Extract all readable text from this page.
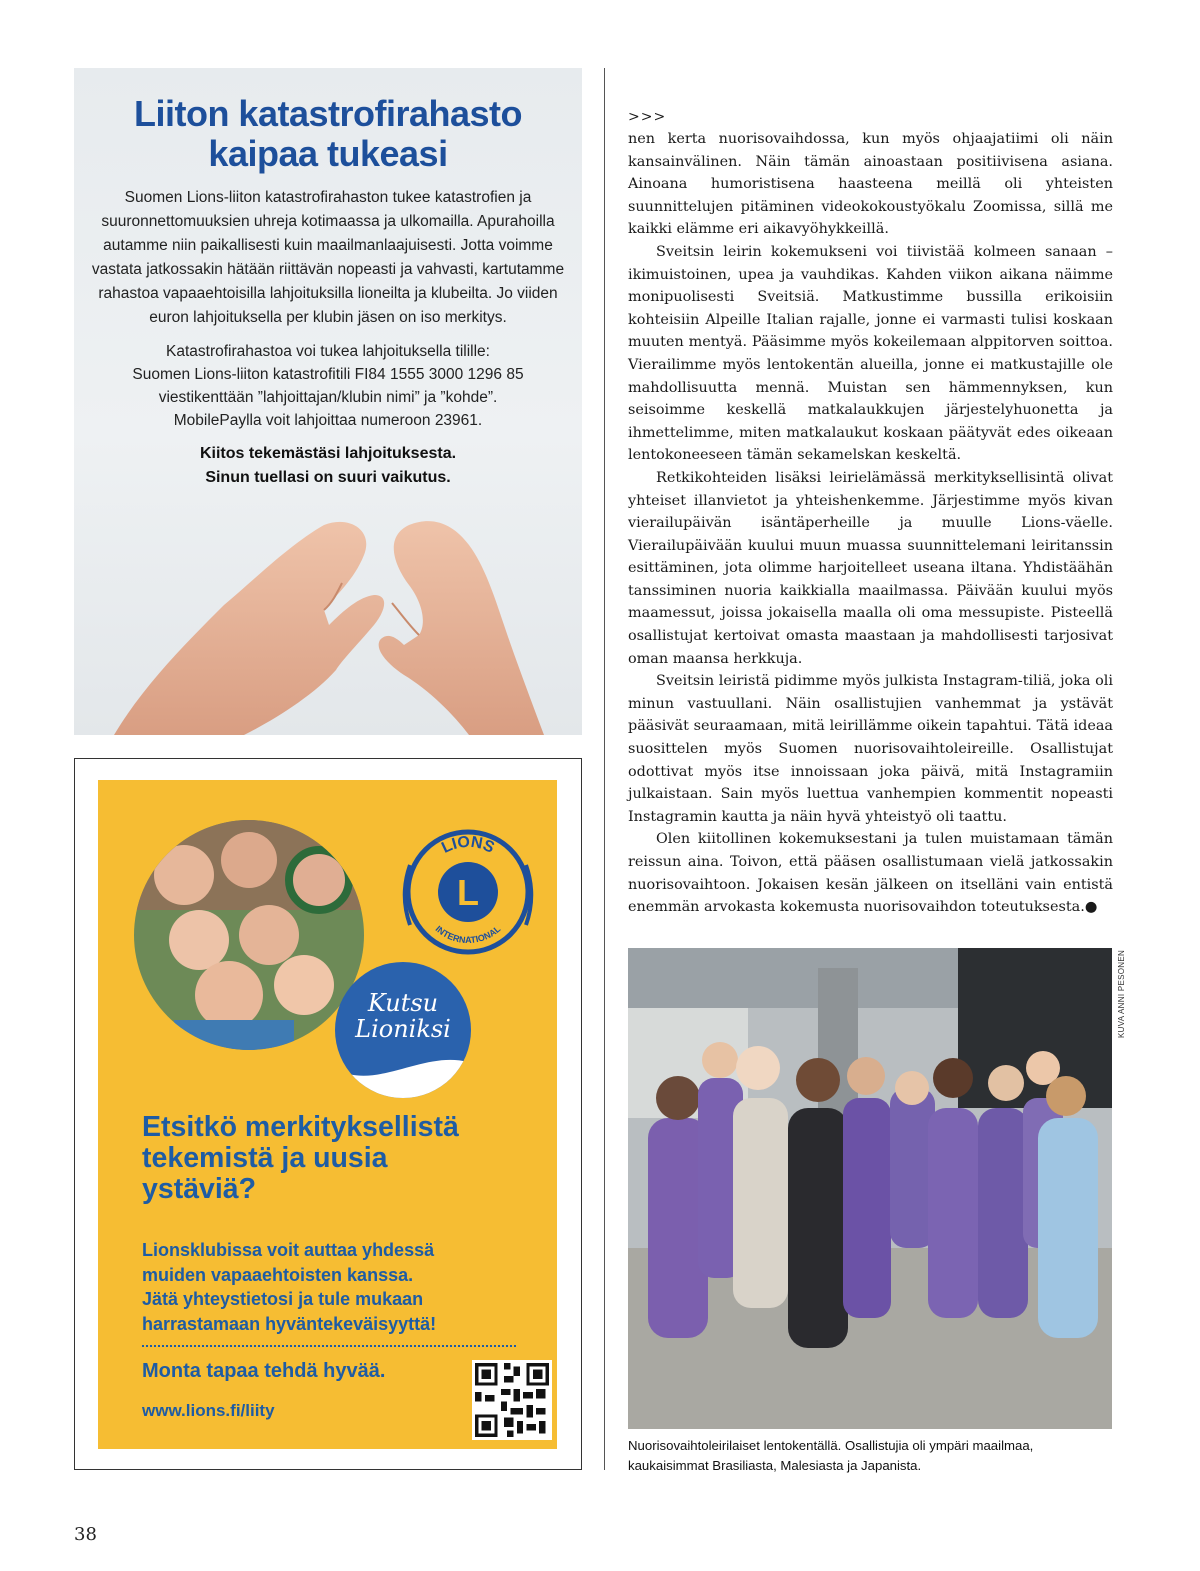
Liiton katastrofirahasto
kaipaa tukeasi
Suomen Lions-liiton katastrofirahaston tukee katastrofien ja suuronnettomuuksien uhreja kotimaassa ja ulkomailla. Apurahoilla autamme niin paikallisesti kuin maailmanlaajuisesti. Jotta voimme vastata jatkossakin hätään riittävän nopeasti ja vahvasti, kartutamme rahastoa vapaaehtoisilla lahjoituksilla lioneilta ja klubeilta. Jo viiden euron lahjoituksella per klubin jäsen on iso merkitys.
Katastrofirahastoa voi tukea lahjoituksella tilille:
Suomen Lions-liiton katastrofitili FI84 1555 3000 1296 85
viestikenttään ”lahjoittajan/klubin nimi” ja ”kohde”.
MobilePaylla voit lahjoittaa numeroon 23961.
Kiitos tekemästäsi lahjoituksesta.
Sinun tuellasi on suuri vaikutus.
LIONS
INTERNATIONAL
L
Kutsu
Lioniksi
Etsitkö merkityksellistä
tekemistä ja uusia
ystäviä?
Lionsklubissa voit auttaa yhdessä
muiden vapaaehtoisten kanssa.
Jätä yhteystietosi ja tule mukaan
harrastamaan hyväntekeväisyyttä!
Monta tapaa tehdä hyvää.
www.lions.fi/liity
38
>>>

nen kerta nuorisovaihdossa, kun myös ohjaajatiimi oli näin kansainvälinen. Näin tämän ainoastaan positiivisena asiana. Ainoana humoristisena haasteena meillä oli yhteisten suunnittelujen pitäminen videokokoustyökalu Zoomissa, sillä me kaikki elämme eri aikavyöhykkeillä.

Sveitsin leirin kokemukseni voi tiivistää kolmeen sanaan – ikimuistoinen, upea ja vauhdikas. Kahden viikon aikana näimme monipuolisesti Sveitsiä. Matkustimme bussilla erikoisiin kohteisiin Alpeille Italian rajalle, jonne ei varmasti tulisi koskaan muuten mentyä. Pääsimme myös kokeilemaan alppitorven soittoa. Vierailimme myös lentokentän alueilla, jonne ei matkustajille ole mahdollisuutta mennä. Muistan sen hämmennyksen, kun seisoimme keskellä matkalaukkujen järjestelyhuonetta ja ihmettelimme, miten matkalaukut koskaan päätyvät edes oikeaan lentokoneeseen tämän sekamelskan keskeltä.

Retkikohteiden lisäksi leirielämässä merkityksellisintä olivat yhteiset illanvietot ja yhteishenkemme. Järjestimme myös kivan vierailupäivän isäntäperheille ja muulle Lions-väelle. Vierailupäivään kuului muun muassa suunnittelemani leiritanssin esittäminen, jota olimme harjoitelleet useana iltana. Yhdistäähän tanssiminen nuoria kaikkialla maailmassa. Päivään kuului myös maamessut, joissa jokaisella maalla oli oma messupiste. Pisteellä osallistujat kertoivat omasta maastaan ja mahdollisesti tarjosivat oman maansa herkkuja.

Sveitsin leiristä pidimme myös julkista Instagram-tiliä, joka oli minun vastuullani. Näin osallistujien vanhemmat ja ystävät pääsivät seuraamaan, mitä leirillämme oikein tapahtui. Tätä ideaa suosittelen myös Suomen nuorisovaihtoleireille. Osallistujat odottivat myös itse innoissaan joka päivä, mitä Instagramiin julkaistaan. Sain myös luettua vanhempien kommentit nopeasti Instagramin kautta ja näin hyvä yhteistyö oli taattu.

Olen kiitollinen kokemuksestani ja tulen muistamaan tämän reissun aina. Toivon, että pääsen osallistumaan vielä jatkossakin nuorisovaihtoon. Jokaisen kesän jälkeen on itselläni vain entistä enemmän arvokasta kokemusta nuorisovaihdon toteutuksesta.●

KUVA ANNI PESONEN
Nuorisovaihtoleirilaiset lentokentällä. Osallistujia oli ympäri maailmaa, kaukaisimmat Brasiliasta, Malesiasta ja Japanista.
